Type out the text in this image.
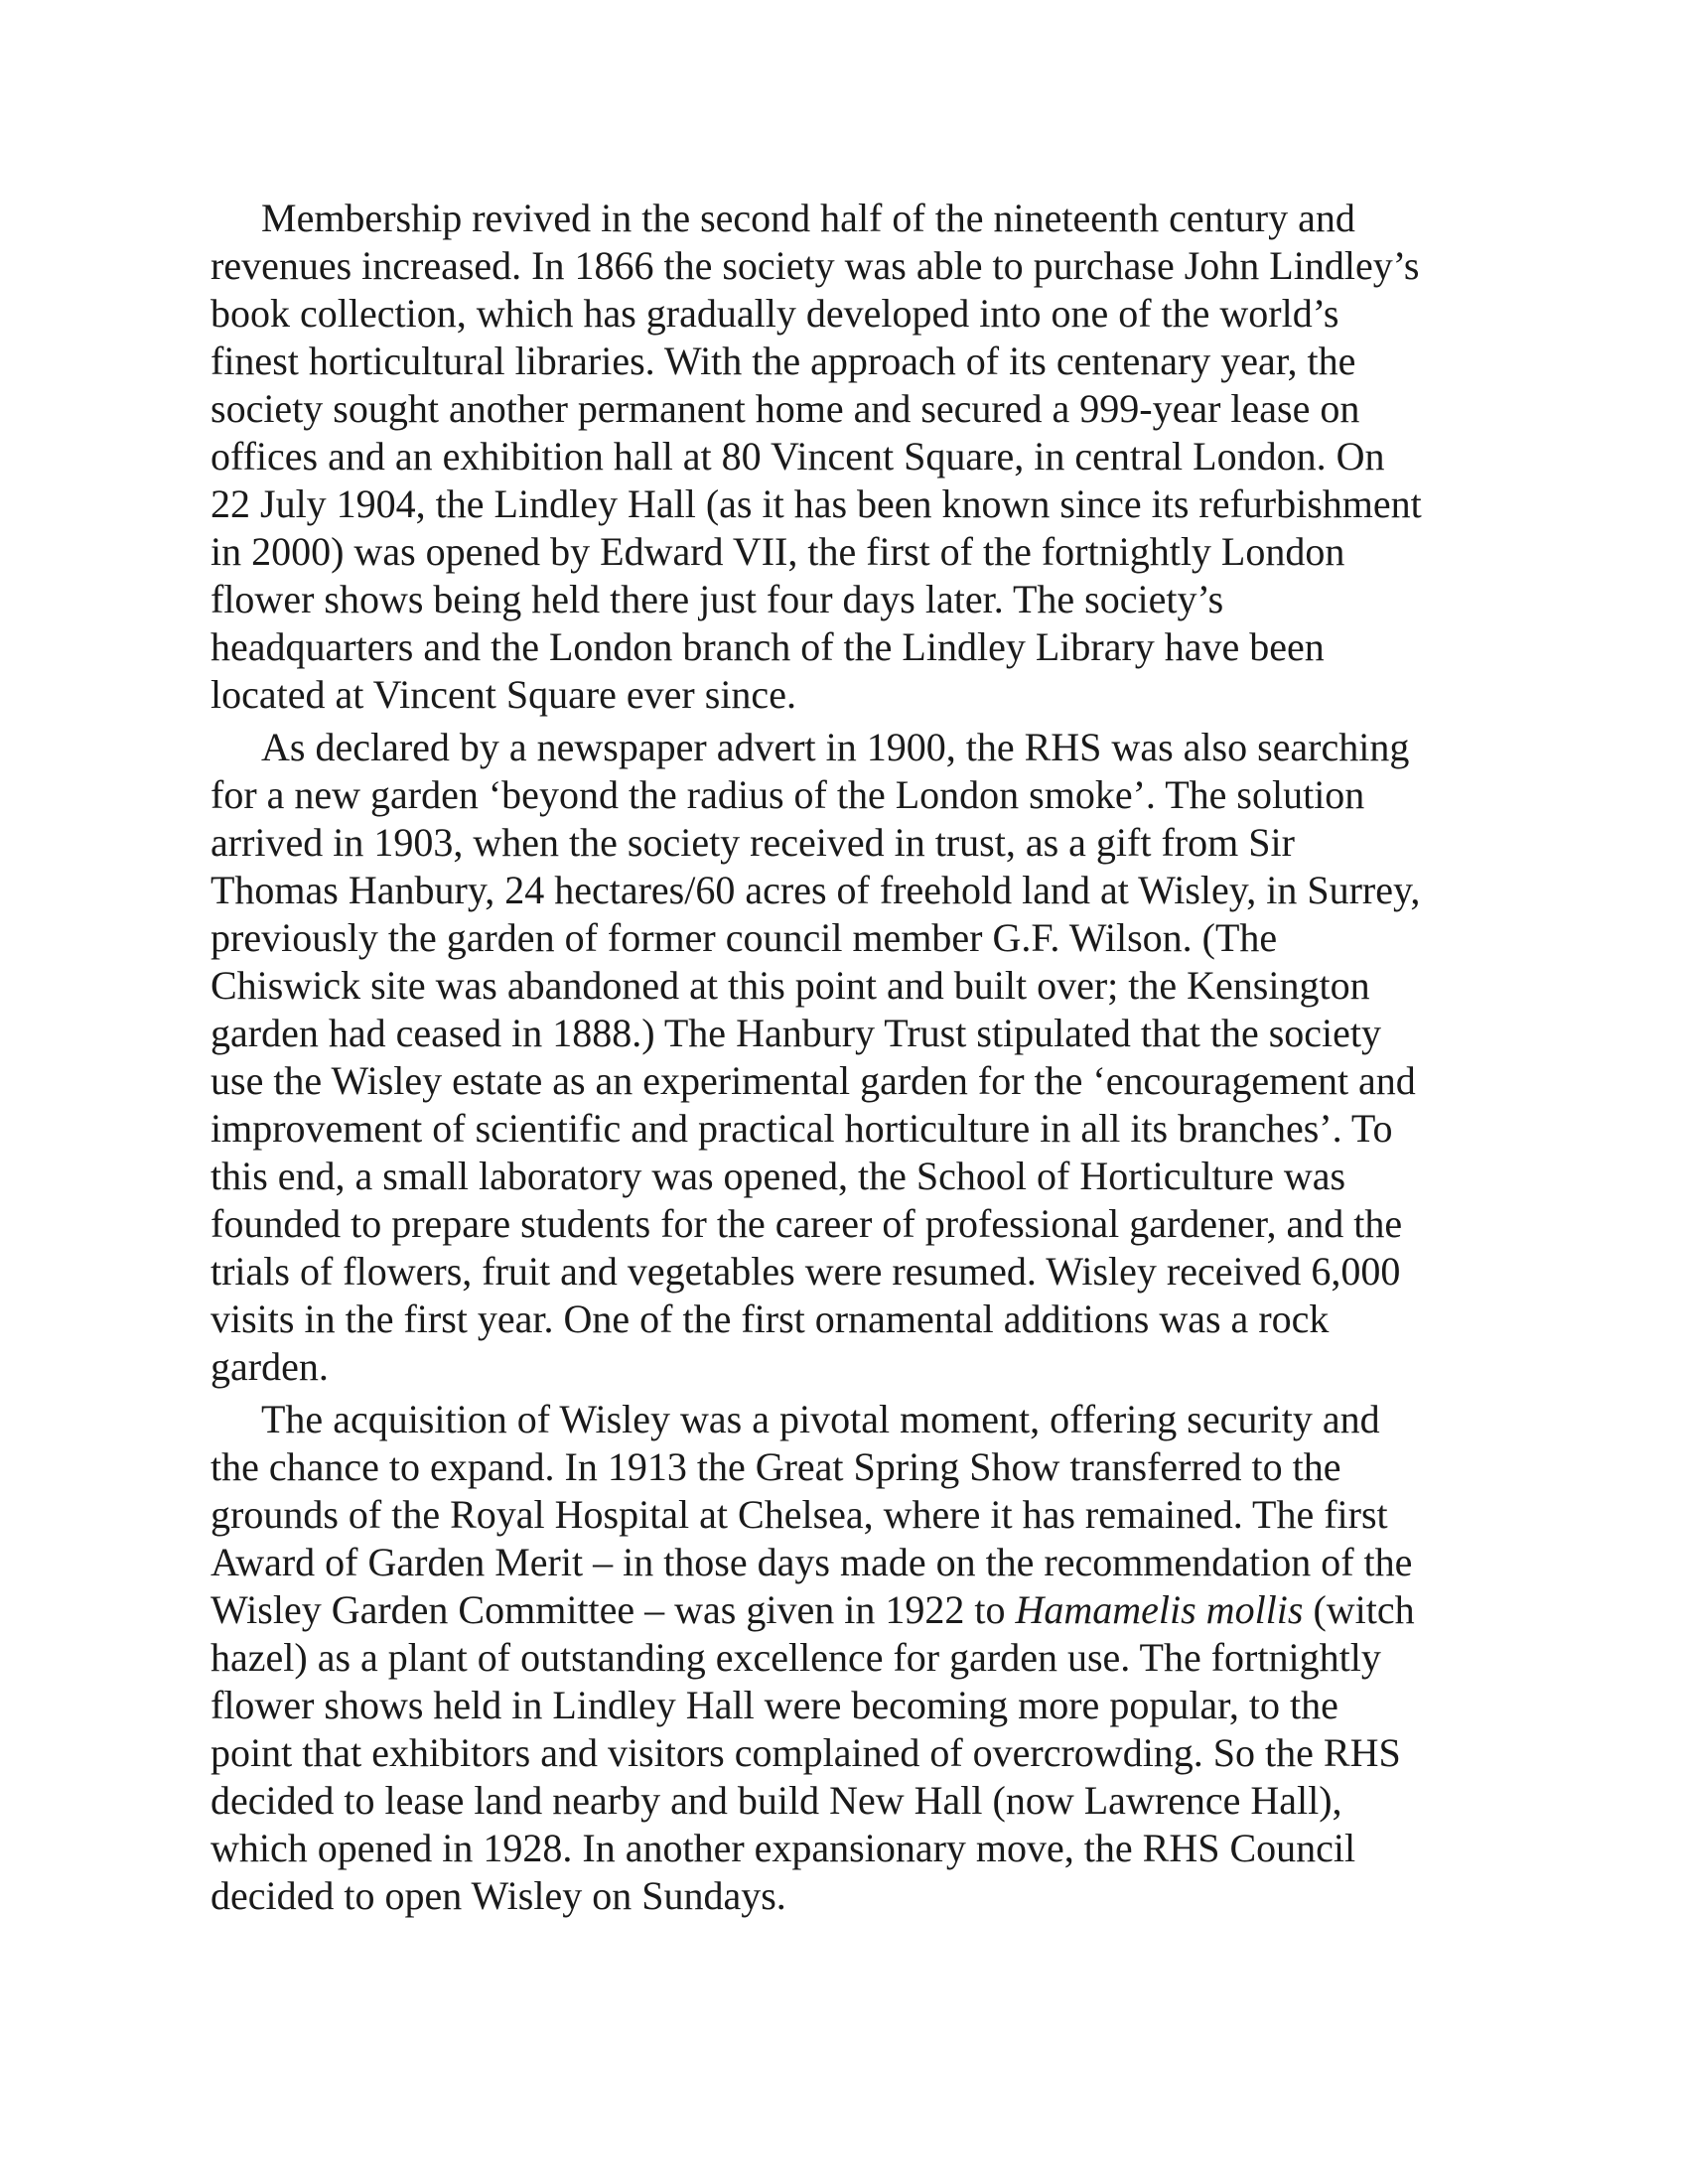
Membership revived in the second half of the nineteenth century and
revenues increased. In 1866 the society was able to purchase John Lindley’s
book collection, which has gradually developed into one of the world’s
finest horticultural libraries. With the approach of its centenary year, the
society sought another permanent home and secured a 999-year lease on
offices and an exhibition hall at 80 Vincent Square, in central London. On
22 July 1904, the Lindley Hall (as it has been known since its refurbishment
in 2000) was opened by Edward VII, the first of the fortnightly London
flower shows being held there just four days later. The society’s
headquarters and the London branch of the Lindley Library have been
located at Vincent Square ever since.

As declared by a newspaper advert in 1900, the RHS was also searching
for a new garden ‘beyond the radius of the London smoke’. The solution
arrived in 1903, when the society received in trust, as a gift from Sir
Thomas Hanbury, 24 hectares/60 acres of freehold land at Wisley, in Surrey,
previously the garden of former council member G.F. Wilson. (The
Chiswick site was abandoned at this point and built over; the Kensington
garden had ceased in 1888.) The Hanbury Trust stipulated that the society
use the Wisley estate as an experimental garden for the ‘encouragement and
improvement of scientific and practical horticulture in all its branches’. To
this end, a small laboratory was opened, the School of Horticulture was
founded to prepare students for the career of professional gardener, and the
trials of flowers, fruit and vegetables were resumed. Wisley received 6,000
visits in the first year. One of the first ornamental additions was a rock
garden.

The acquisition of Wisley was a pivotal moment, offering security and
the chance to expand. In 1913 the Great Spring Show transferred to the
grounds of the Royal Hospital at Chelsea, where it has remained. The first
Award of Garden Merit – in those days made on the recommendation of the
Wisley Garden Committee – was given in 1922 to Hamamelis mollis (witch
hazel) as a plant of outstanding excellence for garden use. The fortnightly
flower shows held in Lindley Hall were becoming more popular, to the
point that exhibitors and visitors complained of overcrowding. So the RHS
decided to lease land nearby and build New Hall (now Lawrence Hall),
which opened in 1928. In another expansionary move, the RHS Council
decided to open Wisley on Sundays.
